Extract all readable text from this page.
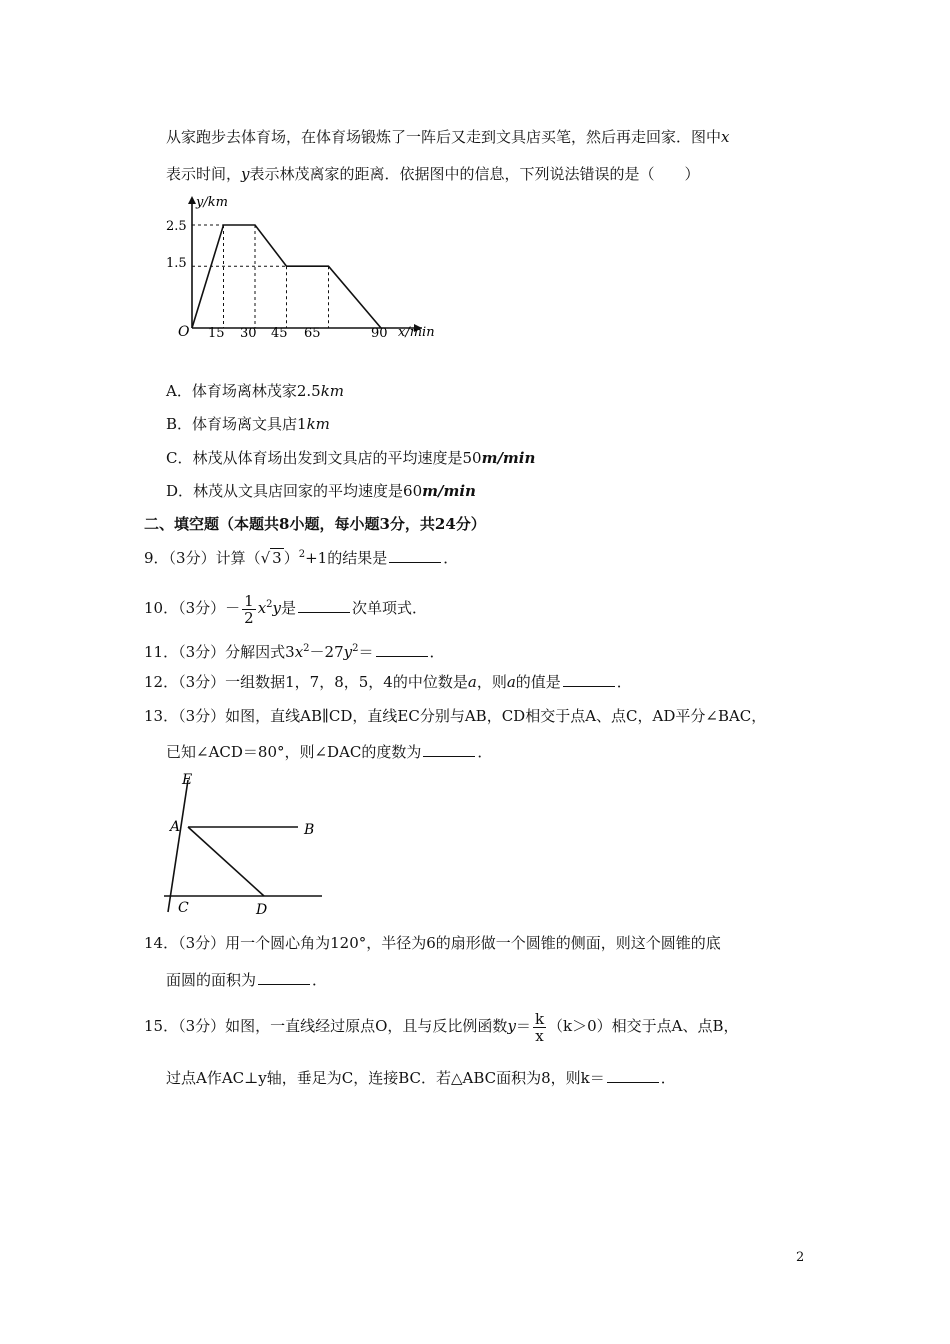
从家跑步去体育场，在体育场锻炼了一阵后又走到文具店买笔，然后再走回家．图中x
表示时间，y表示林茂离家的距离．依据图中的信息，下列说法错误的是（　　）
y/km
x/min
O
2.5
1.5
15 30 45 65	90
A．体育场离林茂家2.5km
B．体育场离文具店1km
C．林茂从体育场出发到文具店的平均速度是50m/min
D．林茂从文具店回家的平均速度是60m/min
二、填空题（本题共8小题，每小题3分，共24分）
9．（3分）计算（√ 3 ）$^2$+1的结果是	．
10．（3分）－ $\frac{1}{2} x^2y$是	次单项式．
11．（3分）分解因式$3x^2-27y^2=$	．
12．（3分）一组数据1，7，8，5，4的中位数是a，则a的值是	．
13．（3分）如图，直线AB∥CD，直线EC分别与AB，CD相交于点A、点C，AD平分∠BAC，
已知∠ACD＝80°，则∠DAC的度数为	．
E
A	B
C	D
14．（3分）用一个圆心角为120°，半径为6的扇形做一个圆锥的侧面，则这个圆锥的底
面圆的面积为	．
15．（3分）如图，一直线经过原点O，且与反比例函数$y= \frac{k}{x} (k>0)$相交于点A、点B，
过点A作AC⊥y轴，垂足为C，连接BC．若△ABC面积为8，则k＝	．
2
